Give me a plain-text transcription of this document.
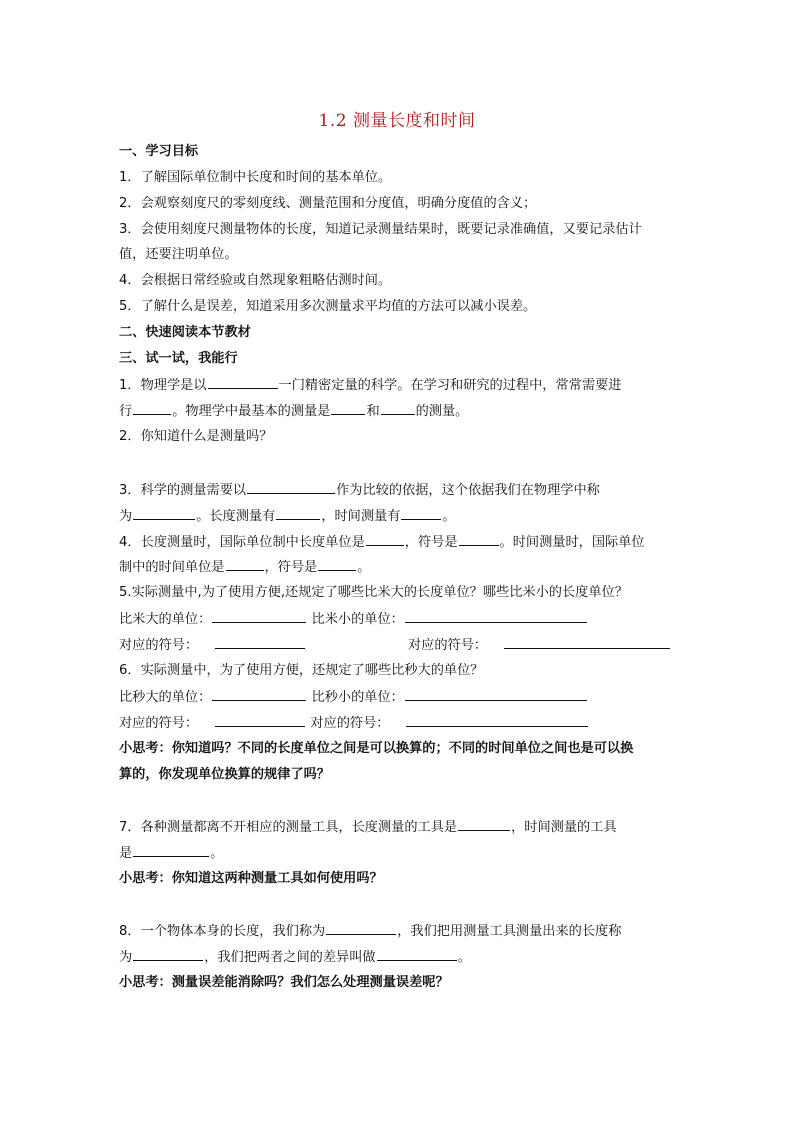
1.2 测量长度和时间
一、学习目标
1．了解国际单位制中长度和时间的基本单位。
2．会观察刻度尺的零刻度线、测量范围和分度值，明确分度值的含义；
3．会使用刻度尺测量物体的长度，知道记录测量结果时，既要记录准确值，又要记录估计
值，还要注明单位。
4．会根据日常经验或自然现象粗略估测时间。
5．了解什么是误差，知道采用多次测量求平均值的方法可以减小误差。
二、快速阅读本节教材
三、试一试，我能行
1．物理学是以	一门精密定量的科学。在学习和研究的过程中，常常需要进
行	。物理学中最基本的测量是	和	的测量。
2．你知道什么是测量吗？
3．科学的测量需要以	作为比较的依据，这个依据我们在物理学中称
为	。长度测量有	，时间测量有	。
4．长度测量时，国际单位制中长度单位是	，符号是	。时间测量时，国际单位
制中的时间单位是	，符号是	。
5.实际测量中,为了使用方便,还规定了哪些比米大的长度单位？哪些比米小的长度单位？
比米大的单位：	比米小的单位：
对应的符号：	对应的符号：
6．实际测量中，为了使用方便，还规定了哪些比秒大的单位？
比秒大的单位：	比秒小的单位：
对应的符号：	对应的符号：
小思考：你知道吗？不同的长度单位之间是可以换算的；不同的时间单位之间也是可以换
算的，你发现单位换算的规律了吗？
7．各种测量都离不开相应的测量工具，长度测量的工具是	，时间测量的工具
是	。
小思考：你知道这两种测量工具如何使用吗？
8．一个物体本身的长度，我们称为	，我们把用测量工具测量出来的长度称
为	，我们把两者之间的差异叫做	。
小思考：测量误差能消除吗？我们怎么处理测量误差呢？
